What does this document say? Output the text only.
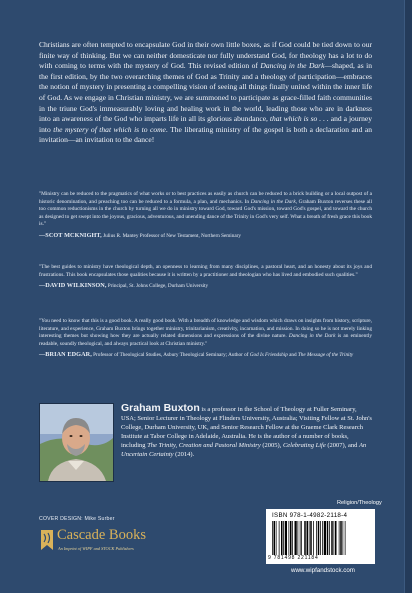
Christians are often tempted to encapsulate God in their own little boxes, as if God could be tied down to our finite way of thinking. But we can neither domesticate nor fully understand God, for theology has a lot to do with coming to terms with the mystery of God. This revised edition of Dancing in the Dark—shaped, as in the first edition, by the two overarching themes of God as Trinity and a theology of participation—embraces the notion of mystery in presenting a compelling vision of seeing all things finally united within the inner life of God. As we engage in Christian ministry, we are summoned to participate as grace-filled faith communities in the triune God's immeasurably loving and healing work in the world, leading those who are in darkness into an awareness of the God who imparts life in all its glorious abundance, that which is so . . . and a journey into the mystery of that which is to come. The liberating ministry of the gospel is both a declaration and an invitation—an invitation to the dance!
"Ministry can be reduced to the pragmatics of what works or to best practices as easily as church can be reduced to a brick building or a local outpost of a historic denomination, and preaching too can be reduced to a formula, a plan, and mechanics. In Dancing in the Dark, Graham Buxton reverses these all too common reductionisms in the church by turning all we do in ministry toward God, toward God's mission, toward God's gospel, and toward the church as designed to get swept into the joyous, gracious, adventurous, and unending dance of the Trinity in God's very self. What a breath of fresh grace this book is."
—SCOT MCKNIGHT, Julius R. Mantey Professor of New Testament, Northern Seminary
"The best guides to ministry have theological depth, an openness to learning from many disciplines, a pastoral heart, and an honesty about its joys and frustrations. This book encapsulates those qualities because it is written by a practitioner and theologian who has lived and embodied such qualities."
—DAVID WILKINSON, Principal, St. Johns College, Durham University
"You need to know that this is a good book. A really good book. With a breadth of knowledge and wisdom which draws on insights from history, scripture, literature, and experience, Graham Buxton brings together ministry, trinitarianism, creativity, incarnation, and mission. In doing so he is not merely linking interesting themes but showing how they are actually related dimensions and expressions of the divine nature. Dancing in the Dark is an eminently readable, soundly theological, and always practical look at Christian ministry."
—BRIAN EDGAR, Professor of Theological Studies, Asbury Theological Seminary; Author of God Is Friendship and The Message of the Trinity
Graham Buxton is a professor in the School of Theology at Fuller Seminary, USA; Senior Lecturer in Theology at Flinders University, Australia; Visiting Fellow at St. John's College, Durham University, UK, and Senior Research Fellow at the Graeme Clark Research Institute at Tabor College in Adelaide, Australia. He is the author of a number of books, including The Trinity, Creation and Pastoral Ministry (2005), Celebrating Life (2007), and An Uncertain Certainty (2014).
Religion/Theology
ISBN 978-1-4982-2118-4
9 781498 221184
www.wipfandstock.com
COVER DESIGN: Mike Surber
Cascade Books
An Imprint of WIPF and STOCK Publishers
